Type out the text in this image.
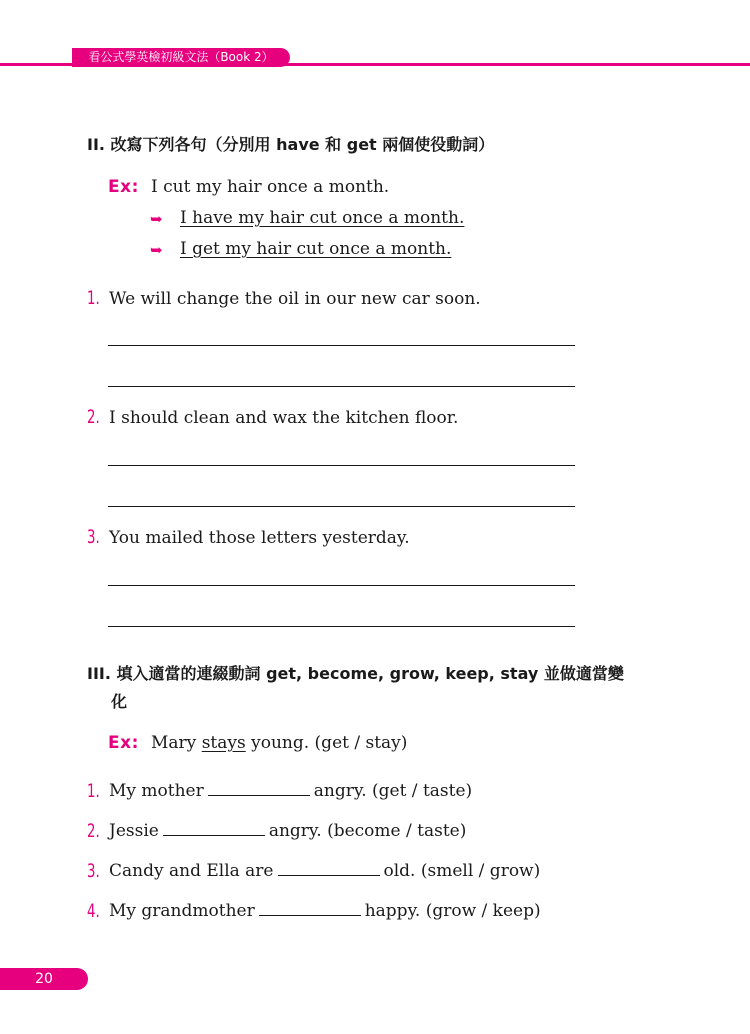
看公式學英檢初級文法（Book 2）
II. 改寫下列各句（分別用 have 和 get 兩個使役動詞）
Ex: I cut my hair once a month.
➥ I have my hair cut once a month.
➥ I get my hair cut once a month.
1. We will change the oil in our new car soon.
2. I should clean and wax the kitchen floor.
3. You mailed those letters yesterday.
III. 填入適當的連綴動詞 get, become, grow, keep, stay 並做適當變
化
Ex: Mary stays young. (get / stay)
1. My mother	angry. (get / taste)
2. Jessie	angry. (become / taste)
3. Candy and Ella are	old. (smell / grow)
4. My grandmother	happy. (grow / keep)
20
